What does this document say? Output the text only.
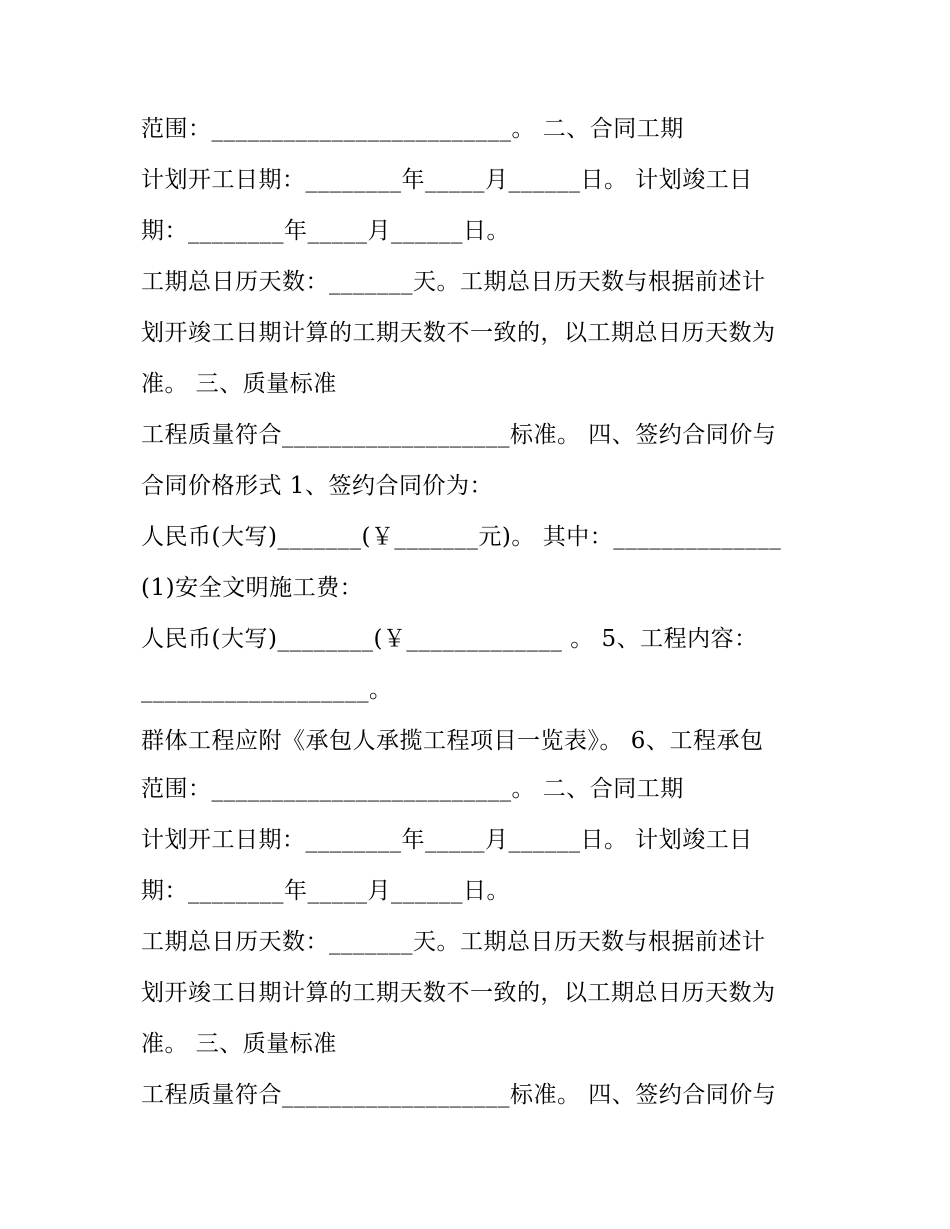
范围：_________________________。 二、合同工期
计划开工日期：________年_____月______日。 计划竣工日
期：________年_____月______日。
工期总日历天数：_______天。工期总日历天数与根据前述计
划开竣工日期计算的工期天数不一致的，以工期总日历天数为
准。 三、质量标准
工程质量符合___________________标准。 四、签约合同价与
合同价格形式 1、签约合同价为：
人民币(大写)_______(￥_______元)。 其中：______________
(1)安全文明施工费：
人民币(大写)________(￥_____________ 。 5、工程内容：
___________________。
群体工程应附《承包人承揽工程项目一览表》。 6、工程承包
范围：_________________________。 二、合同工期
计划开工日期：________年_____月______日。 计划竣工日
期：________年_____月______日。
工期总日历天数：_______天。工期总日历天数与根据前述计
划开竣工日期计算的工期天数不一致的，以工期总日历天数为
准。 三、质量标准
工程质量符合___________________标准。 四、签约合同价与
